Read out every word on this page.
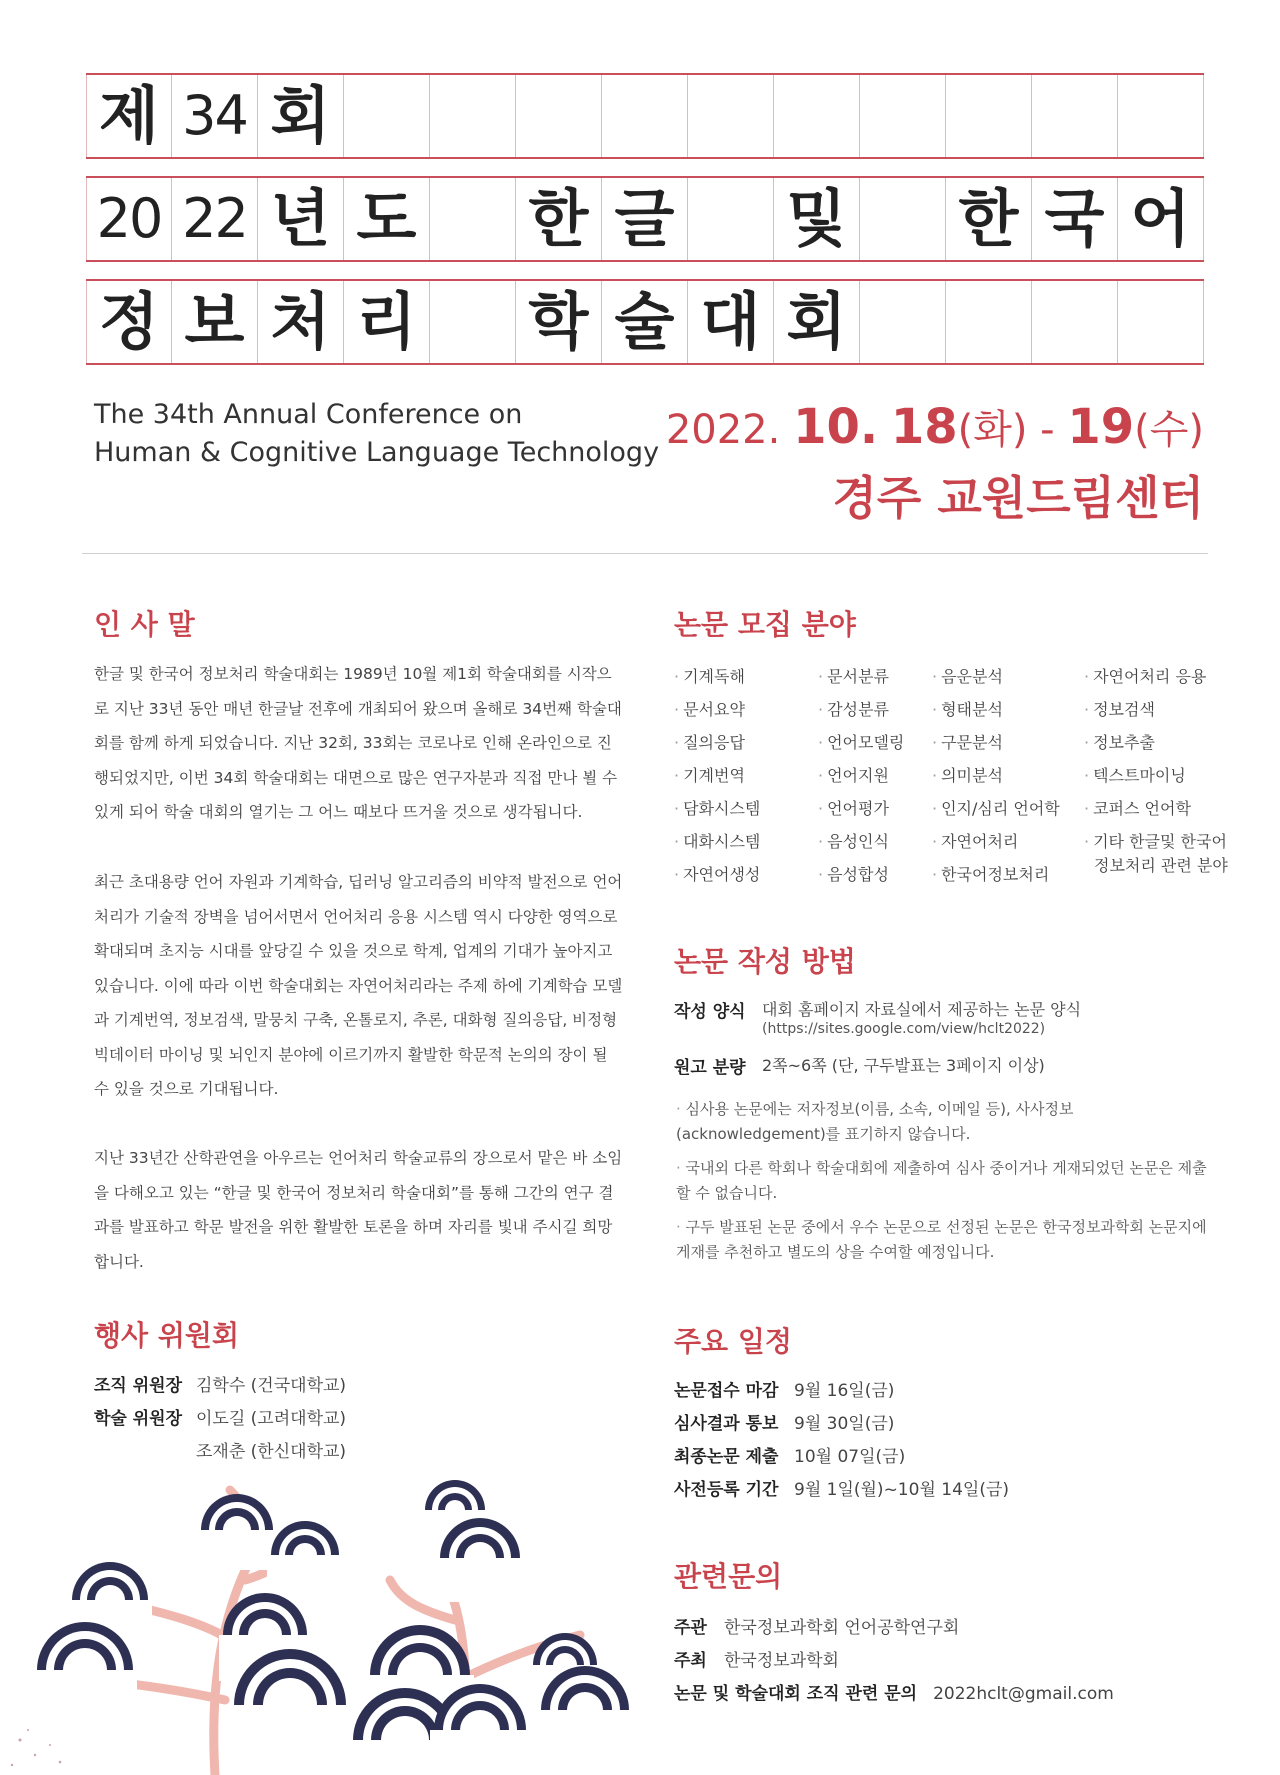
제 34 회
20 22 년 도 한 글 및 한 국 어
정 보 처 리 학 술 대 회
The 34th Annual Conference on
Human & Cognitive Language Technology 2022. 10. 18(화) - 19(수)
경주 교원드림센터
인 사 말

한글 및 한국어 정보처리 학술대회는 1989년 10월 제1회 학술대회를 시작으로 지난 33년 동안 매년 한글날 전후에 개최되어 왔으며 올해로 34번째 학술대회를 함께 하게 되었습니다. 지난 32회, 33회는 코로나로 인해 온라인으로 진행되었지만, 이번 34회 학술대회는 대면으로 많은 연구자분과 직접 만나 뵐 수 있게 되어 학술 대회의 열기는 그 어느 때보다 뜨거울 것으로 생각됩니다.

최근 초대용량 언어 자원과 기계학습, 딥러닝 알고리즘의 비약적 발전으로 언어 처리가 기술적 장벽을 넘어서면서 언어처리 응용 시스템 역시 다양한 영역으로 확대되며 초지능 시대를 앞당길 수 있을 것으로 학계, 업계의 기대가 높아지고 있습니다. 이에 따라 이번 학술대회는 자연어처리라는 주제 하에 기계학습 모델과 기계번역, 정보검색, 말뭉치 구축, 온톨로지, 추론, 대화형 질의응답, 비정형 빅데이터 마이닝 및 뇌인지 분야에 이르기까지 활발한 학문적 논의의 장이 될 수 있을 것으로 기대됩니다.

지난 33년간 산학관연을 아우르는 언어처리 학술교류의 장으로서 맡은 바 소임을 다해오고 있는 “한글 및 한국어 정보처리 학술대회”를 통해 그간의 연구 결과를 발표하고 학문 발전을 위한 활발한 토론을 하며 자리를 빛내 주시길 희망합니다.

논문 모집 분야
· 기계독해
· 문서요약
· 질의응답
· 기계번역
· 담화시스템
· 대화시스템
· 자연어생성
· 문서분류
· 감성분류
· 언어모델링
· 언어지원
· 언어평가
· 음성인식
· 음성합성
· 음운분석
· 형태분석
· 구문분석
· 의미분석
· 인지/심리 언어학
· 자연어처리
· 한국어정보처리
· 자연어처리 응용
· 정보검색
· 정보추출
· 텍스트마이닝
· 코퍼스 언어학
· 기타 한글및 한국어
정보처리 관련 분야
논문 작성 방법
작성 양식 대회 홈페이지 자료실에서 제공하는 논문 양식
(https://sites.google.com/view/hclt2022)
원고 분량 2쪽~6쪽 (단, 구두발표는 3페이지 이상)
· 심사용 논문에는 저자정보(이름, 소속, 이메일 등), 사사정보(acknowledgement)를 표기하지 않습니다.
· 국내외 다른 학회나 학술대회에 제출하여 심사 중이거나 게재되었던 논문은 제출할 수 없습니다.
· 구두 발표된 논문 중에서 우수 논문으로 선정된 논문은 한국정보과학회 논문지에 게재를 추천하고 별도의 상을 수여할 예정입니다.
행사 위원회
조직 위원장 김학수 (건국대학교)
학술 위원장 이도길 (고려대학교)
조재춘 (한신대학교)
주요 일정
논문접수 마감 9월 16일(금)
심사결과 통보 9월 30일(금)
최종논문 제출 10월 07일(금)
사전등록 기간 9월 1일(월)~10월 14일(금)
관련문의
주관 한국정보과학회 언어공학연구회
주최 한국정보과학회
논문 및 학술대회 조직 관련 문의 2022hclt@gmail.com
